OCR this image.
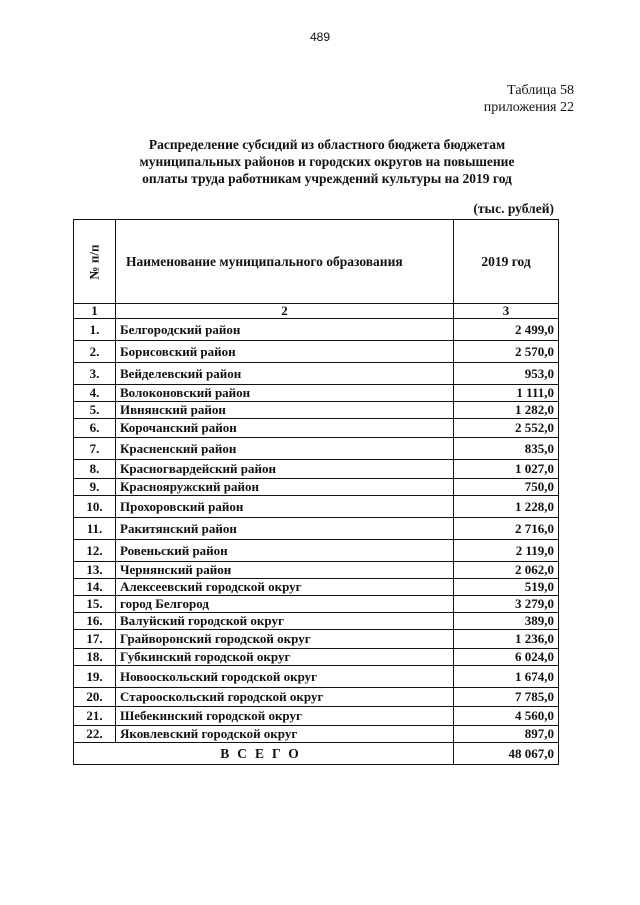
489
Таблица 58
приложения 22
Распределение субсидий из областного бюджета бюджетам
муниципальных районов и городских округов на повышение
оплаты труда работникам учреждений культуры на 2019 год
(тыс. рублей)
№ п/п	Наименование муниципального образования	2019 год
1	2	3
1.	Белгородский район	2 499,0
2.	Борисовский район	2 570,0
3.	Вейделевский район	953,0
4.	Волоконовский район	1 111,0
5.	Ивнянский район	1 282,0
6.	Корочанский район	2 552,0
7.	Красненский район	835,0
8.	Красногвардейский район	1 027,0
9.	Краснояружский район	750,0
10.	Прохоровский район	1 228,0
11.	Ракитянский район	2 716,0
12.	Ровеньский район	2 119,0
13.	Чернянский район	2 062,0
14.	Алексеевский городской округ	519,0
15.	город Белгород	3 279,0
16.	Валуйский городской округ	389,0
17.	Грайворонский городской округ	1 236,0
18.	Губкинский городской округ	6 024,0
19.	Новооскольский городской округ	1 674,0
20.	Старооскольский городской округ	7 785,0
21.	Шебекинский городской округ	4 560,0
22.	Яковлевский городской округ	897,0
ВСЕГО		48 067,0
